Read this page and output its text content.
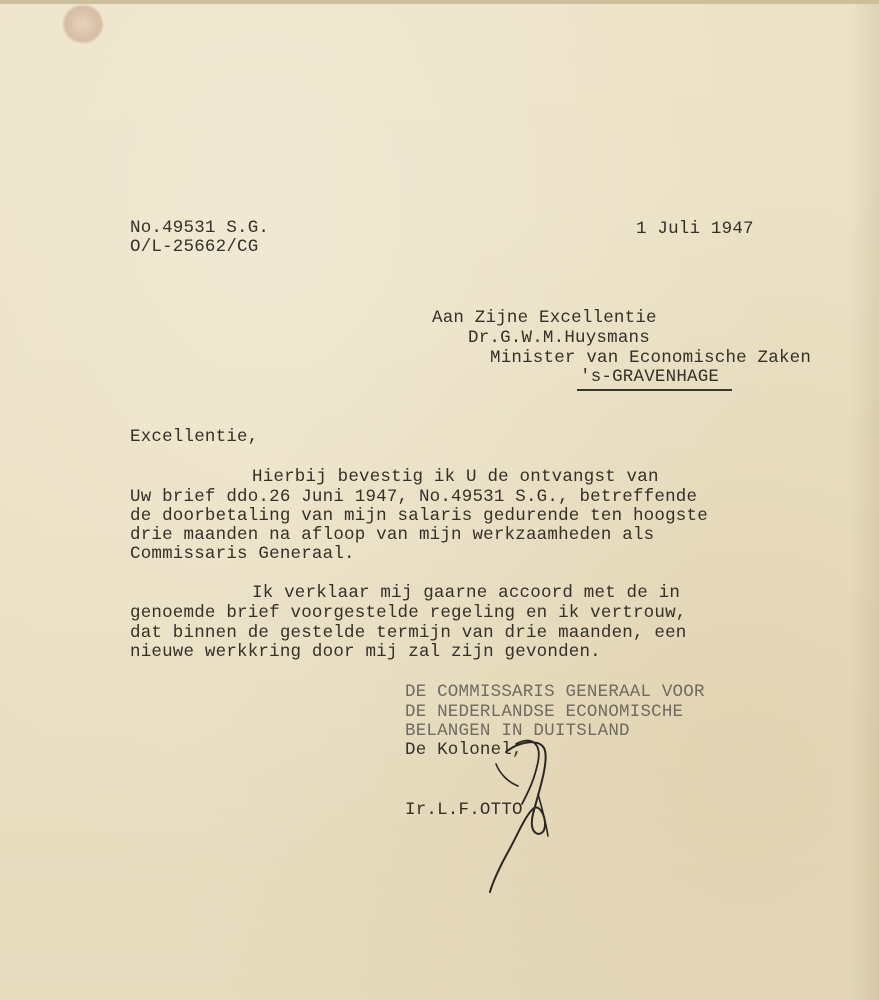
No.49531 S.G.
O/L-25662/CG
1 Juli 1947
Aan Zijne Excellentie
Dr.G.W.M.Huysmans
Minister van Economische Zaken
's-GRAVENHAGE
Excellentie,
Hierbij bevestig ik U de ontvangst van
Uw brief ddo.26 Juni 1947, No.49531 S.G., betreffende
de doorbetaling van mijn salaris gedurende ten hoogste
drie maanden na afloop van mijn werkzaamheden als
Commissaris Generaal.
Ik verklaar mij gaarne accoord met de in
genoemde brief voorgestelde regeling en ik vertrouw,
dat binnen de gestelde termijn van drie maanden, een
nieuwe werkkring door mij zal zijn gevonden.
DE COMMISSARIS GENERAAL VOOR
DE NEDERLANDSE ECONOMISCHE
BELANGEN IN DUITSLAND
De Kolonel,
Ir.L.F.OTTO
